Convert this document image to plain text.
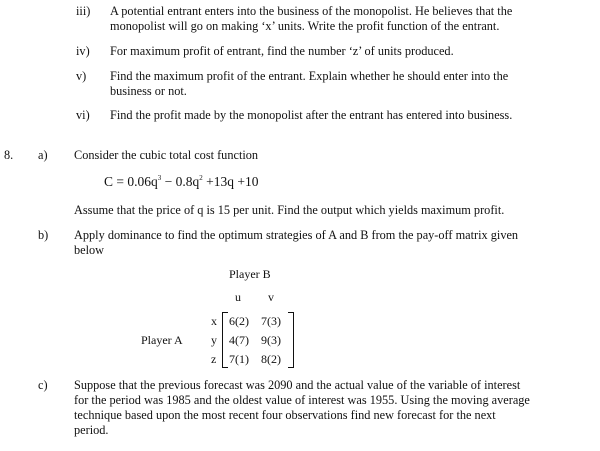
iii) A potential entrant enters into the business of the monopolist. He believes that the
monopolist will go on making ‘x’ units. Write the profit function of the entrant.
iv) For maximum profit of entrant, find the number ‘z’ of units produced.
v) Find the maximum profit of the entrant. Explain whether he should enter into the
business or not.
vi) Find the profit made by the monopolist after the entrant has entered into business.
8. a) Consider the cubic total cost function
$C = 0.06q^3 - 0.8q^2 +13q +10$
Assume that the price of q is 15 per unit. Find the output which yields maximum profit.
b) Apply dominance to find the optimum strategies of A and B from the pay-off matrix given
below
Player B
u v
Player A
x
y
z
6(2) 7(3)
4(7) 9(3)
7(1) 8(2)
c) Suppose that the previous forecast was 2090 and the actual value of the variable of interest
for the period was 1985 and the oldest value of interest was 1955. Using the moving average
technique based upon the most recent four observations find new forecast for the next
period.
